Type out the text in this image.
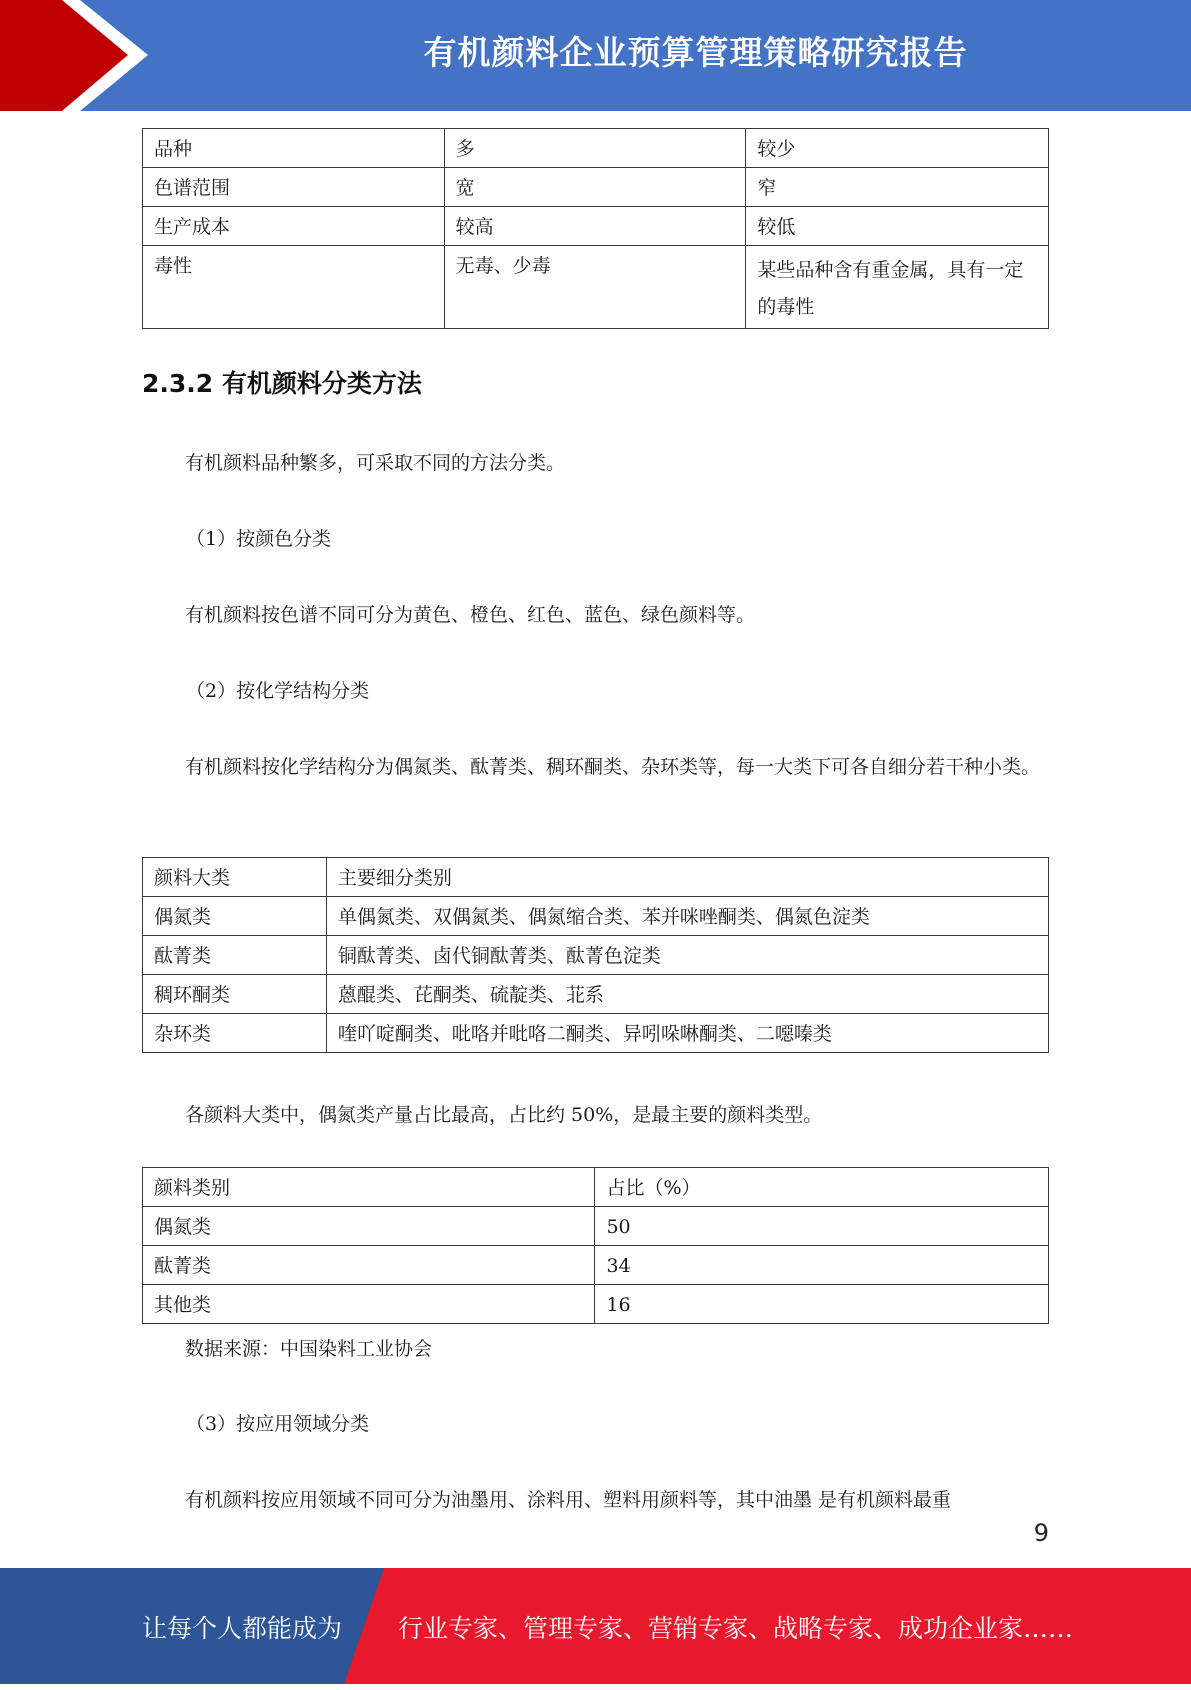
有机颜料企业预算管理策略研究报告
品种	多	较少
色谱范围	宽	窄
生产成本	较高	较低
毒性	无毒、少毒	某些品种含有重金属，具有一定的毒性
2.3.2 有机颜料分类方法
有机颜料品种繁多，可采取不同的方法分类。
（1）按颜色分类
有机颜料按色谱不同可分为黄色、橙色、红色、蓝色、绿色颜料等。
（2）按化学结构分类
有机颜料按化学结构分为偶氮类、酞菁类、稠环酮类、杂环类等，每一大类下可各自细分若干种小类。
颜料大类	主要细分类别
偶氮类	单偶氮类、双偶氮类、偶氮缩合类、苯并咪唑酮类、偶氮色淀类
酞菁类	铜酞菁类、卤代铜酞菁类、酞菁色淀类
稠环酮类	蒽醌类、芘酮类、硫靛类、苝系
杂环类	喹吖啶酮类、吡咯并吡咯二酮类、异吲哚啉酮类、二噁嗪类
各颜料大类中，偶氮类产量占比最高，占比约 50%，是最主要的颜料类型。
颜料类别	占比（%）
偶氮类	50
酞菁类	34
其他类	16
数据来源：中国染料工业协会
（3）按应用领域分类
有机颜料按应用领域不同可分为油墨用、涂料用、塑料用颜料等，其中油墨 是有机颜料最重
9
让每个人都能成为 行业专家、管理专家、营销专家、战略专家、成功企业家……
